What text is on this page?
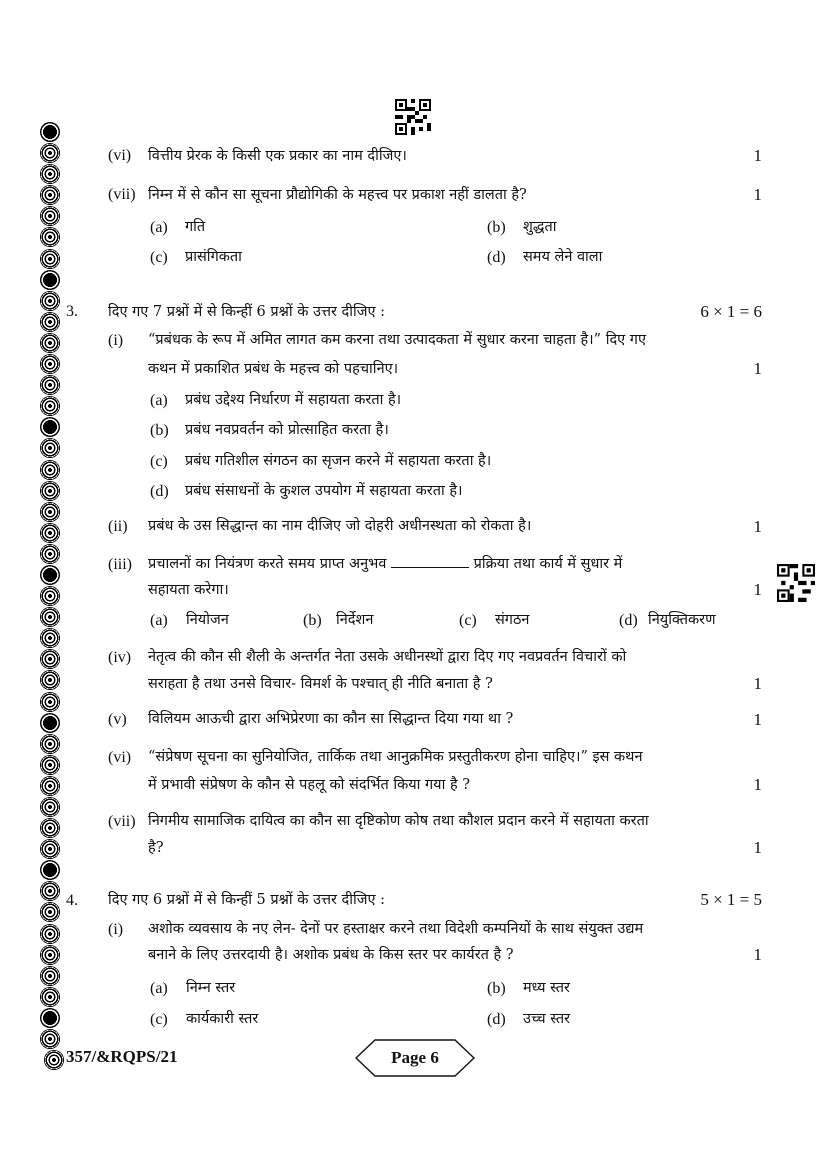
(vi) वित्तीय प्रेरक के किसी एक प्रकार का नाम दीजिए।	1
(vii) निम्न में से कौन सा सूचना प्रौद्योगिकी के महत्त्व पर प्रकाश नहीं डालता है?	1
(a) गति	(b) शुद्धता
(c) प्रासंगिकता	(d) समय लेने वाला
3. दिए गए 7 प्रश्नों में से किन्हीं 6 प्रश्नों के उत्तर दीजिए :	6 × 1 = 6
(i) “प्रबंधक के रूप में अमित लागत कम करना तथा उत्पादकता में सुधार करना चाहता है।” दिए गए
कथन में प्रकाशित प्रबंध के महत्त्व को पहचानिए।	1
(a) प्रबंध उद्देश्य निर्धारण में सहायता करता है।
(b) प्रबंध नवप्रवर्तन को प्रोत्साहित करता है।
(c) प्रबंध गतिशील संगठन का सृजन करने में सहायता करता है।
(d) प्रबंध संसाधनों के कुशल उपयोग में सहायता करता है।
(ii) प्रबंध के उस सिद्धान्त का नाम दीजिए जो दोहरी अधीनस्थता को रोकता है।	1
(iii) प्रचालनों का नियंत्रण करते समय प्राप्त अनुभव	प्रक्रिया तथा कार्य में सुधार में
सहायता करेगा।	1
(a) नियोजन	(b) निर्देशन	(c) संगठन	(d) नियुक्तिकरण
(iv) नेतृत्व की कौन सी शैली के अन्तर्गत नेता उसके अधीनस्थों द्वारा दिए गए नवप्रवर्तन विचारों को
सराहता है तथा उनसे विचार- विमर्श के पश्चात् ही नीति बनाता है ?	1
(v) विलियम आऊची द्वारा अभिप्रेरणा का कौन सा सिद्धान्त दिया गया था ?	1
(vi) “संप्रेषण सूचना का सुनियोजित, तार्किक तथा आनुक्रमिक प्रस्तुतीकरण होना चाहिए।” इस कथन
में प्रभावी संप्रेषण के कौन से पहलू को संदर्भित किया गया है ?	1
(vii) निगमीय सामाजिक दायित्व का कौन सा दृष्टिकोण कोष तथा कौशल प्रदान करने में सहायता करता
है?	1
4. दिए गए 6 प्रश्नों में से किन्हीं 5 प्रश्नों के उत्तर दीजिए :	5 × 1 = 5
(i) अशोक व्यवसाय के नए लेन- देनों पर हस्ताक्षर करने तथा विदेशी कम्पनियों के साथ संयुक्त उद्यम
बनाने के लिए उत्तरदायी है। अशोक प्रबंध के किस स्तर पर कार्यरत है ?	1
(a) निम्न स्तर	(b) मध्य स्तर
(c) कार्यकारी स्तर	(d) उच्च स्तर
357/&RQPS/21	Page 6
